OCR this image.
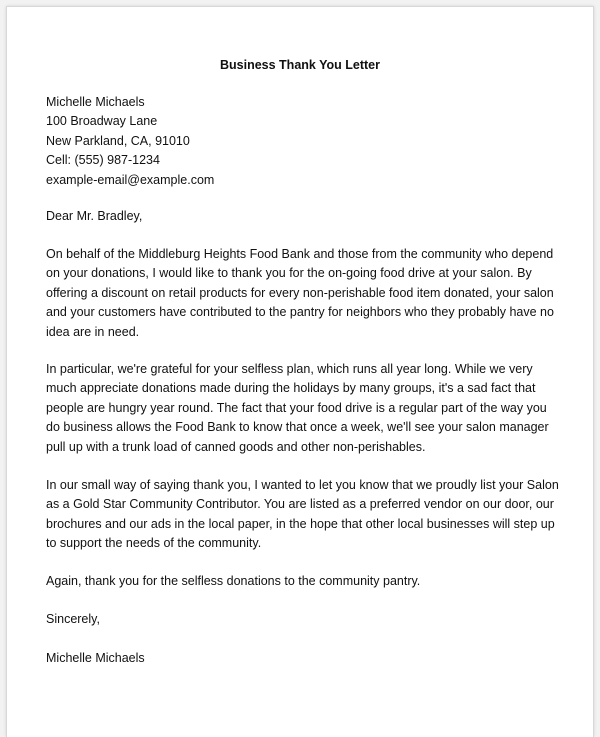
Business Thank You Letter
Michelle Michaels
100 Broadway Lane
New Parkland, CA, 91010
Cell: (555) 987-1234
example-email@example.com
Dear Mr. Bradley,
On behalf of the Middleburg Heights Food Bank and those from the community who depend
on your donations, I would like to thank you for the on-going food drive at your salon. By
offering a discount on retail products for every non-perishable food item donated, your salon
and your customers have contributed to the pantry for neighbors who they probably have no
idea are in need.
In particular, we're grateful for your selfless plan, which runs all year long. While we very
much appreciate donations made during the holidays by many groups, it's a sad fact that
people are hungry year round. The fact that your food drive is a regular part of the way you
do business allows the Food Bank to know that once a week, we'll see your salon manager
pull up with a trunk load of canned goods and other non-perishables.
In our small way of saying thank you, I wanted to let you know that we proudly list your Salon
as a Gold Star Community Contributor. You are listed as a preferred vendor on our door, our
brochures and our ads in the local paper, in the hope that other local businesses will step up
to support the needs of the community.
Again, thank you for the selfless donations to the community pantry.
Sincerely,
Michelle Michaels
